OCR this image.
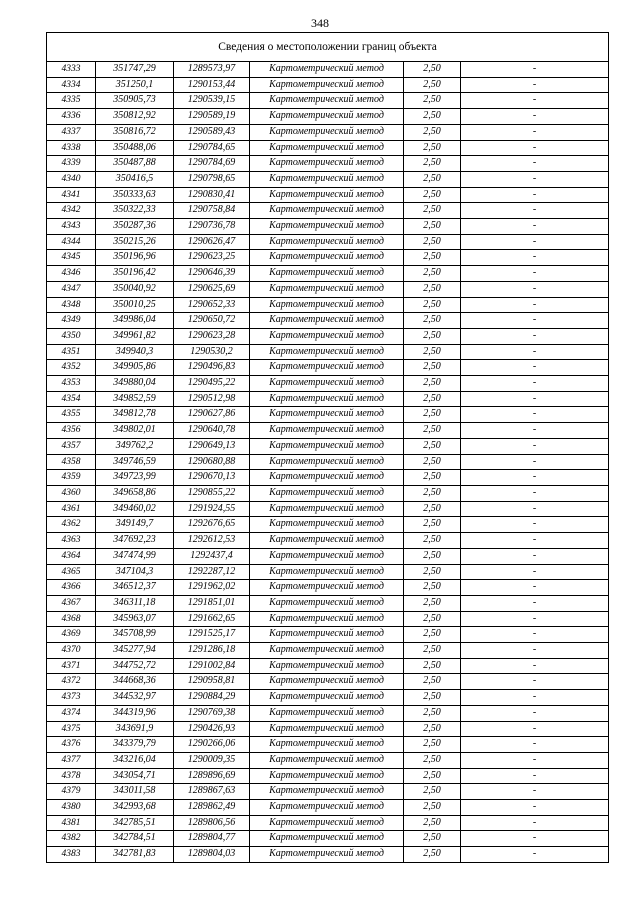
348
Сведения о местоположении границ объекта					
4333	351747,29	1289573,97	Картометрический метод	2,50	-
4334	351250,1	1290153,44	Картометрический метод	2,50	-
4335	350905,73	1290539,15	Картометрический метод	2,50	-
4336	350812,92	1290589,19	Картометрический метод	2,50	-
4337	350816,72	1290589,43	Картометрический метод	2,50	-
4338	350488,06	1290784,65	Картометрический метод	2,50	-
4339	350487,88	1290784,69	Картометрический метод	2,50	-
4340	350416,5	1290798,65	Картометрический метод	2,50	-
4341	350333,63	1290830,41	Картометрический метод	2,50	-
4342	350322,33	1290758,84	Картометрический метод	2,50	-
4343	350287,36	1290736,78	Картометрический метод	2,50	-
4344	350215,26	1290626,47	Картометрический метод	2,50	-
4345	350196,96	1290623,25	Картометрический метод	2,50	-
4346	350196,42	1290646,39	Картометрический метод	2,50	-
4347	350040,92	1290625,69	Картометрический метод	2,50	-
4348	350010,25	1290652,33	Картометрический метод	2,50	-
4349	349986,04	1290650,72	Картометрический метод	2,50	-
4350	349961,82	1290623,28	Картометрический метод	2,50	-
4351	349940,3	1290530,2	Картометрический метод	2,50	-
4352	349905,86	1290496,83	Картометрический метод	2,50	-
4353	349880,04	1290495,22	Картометрический метод	2,50	-
4354	349852,59	1290512,98	Картометрический метод	2,50	-
4355	349812,78	1290627,86	Картометрический метод	2,50	-
4356	349802,01	1290640,78	Картометрический метод	2,50	-
4357	349762,2	1290649,13	Картометрический метод	2,50	-
4358	349746,59	1290680,88	Картометрический метод	2,50	-
4359	349723,99	1290670,13	Картометрический метод	2,50	-
4360	349658,86	1290855,22	Картометрический метод	2,50	-
4361	349460,02	1291924,55	Картометрический метод	2,50	-
4362	349149,7	1292676,65	Картометрический метод	2,50	-
4363	347692,23	1292612,53	Картометрический метод	2,50	-
4364	347474,99	1292437,4	Картометрический метод	2,50	-
4365	347104,3	1292287,12	Картометрический метод	2,50	-
4366	346512,37	1291962,02	Картометрический метод	2,50	-
4367	346311,18	1291851,01	Картометрический метод	2,50	-
4368	345963,07	1291662,65	Картометрический метод	2,50	-
4369	345708,99	1291525,17	Картометрический метод	2,50	-
4370	345277,94	1291286,18	Картометрический метод	2,50	-
4371	344752,72	1291002,84	Картометрический метод	2,50	-
4372	344668,36	1290958,81	Картометрический метод	2,50	-
4373	344532,97	1290884,29	Картометрический метод	2,50	-
4374	344319,96	1290769,38	Картометрический метод	2,50	-
4375	343691,9	1290426,93	Картометрический метод	2,50	-
4376	343379,79	1290266,06	Картометрический метод	2,50	-
4377	343216,04	1290009,35	Картометрический метод	2,50	-
4378	343054,71	1289896,69	Картометрический метод	2,50	-
4379	343011,58	1289867,63	Картометрический метод	2,50	-
4380	342993,68	1289862,49	Картометрический метод	2,50	-
4381	342785,51	1289806,56	Картометрический метод	2,50	-
4382	342784,51	1289804,77	Картометрический метод	2,50	-
4383	342781,83	1289804,03	Картометрический метод	2,50	-
